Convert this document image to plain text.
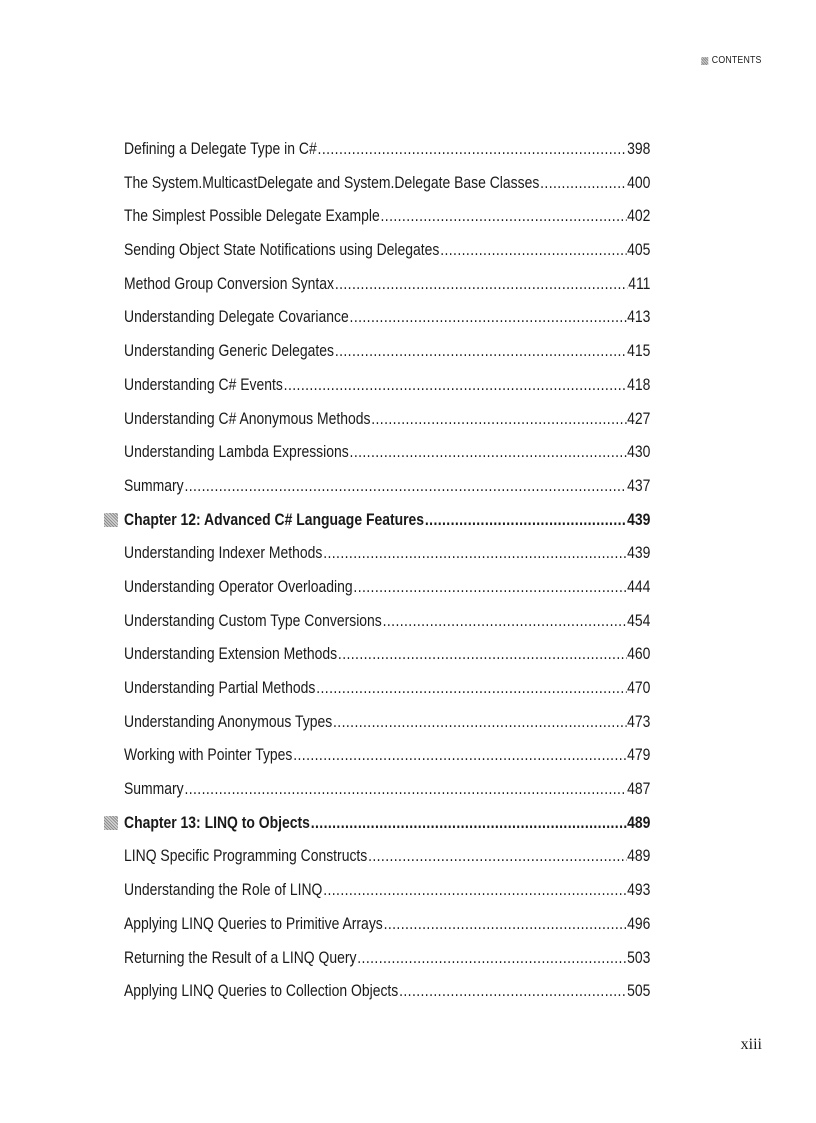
CONTENTS
Defining a Delegate Type in C# .....	398
The System.MulticastDelegate and System.Delegate Base Classes .....	400
The Simplest Possible Delegate Example .....	402
Sending Object State Notifications using Delegates .....	405
Method Group Conversion Syntax .....	411
Understanding Delegate Covariance .....	413
Understanding Generic Delegates .....	415
Understanding C# Events .....	418
Understanding C# Anonymous Methods .....	427
Understanding Lambda Expressions .....	430
Summary .....	437
Chapter 12: Advanced C# Language Features .....	439
Understanding Indexer Methods .....	439
Understanding Operator Overloading .....	444
Understanding Custom Type Conversions .....	454
Understanding Extension Methods .....	460
Understanding Partial Methods .....	470
Understanding Anonymous Types .....	473
Working with Pointer Types .....	479
Summary .....	487
Chapter 13: LINQ to Objects .....	489
LINQ Specific Programming Constructs .....	489
Understanding the Role of LINQ .....	493
Applying LINQ Queries to Primitive Arrays .....	496
Returning the Result of a LINQ Query .....	503
Applying LINQ Queries to Collection Objects .....	505
xiii
